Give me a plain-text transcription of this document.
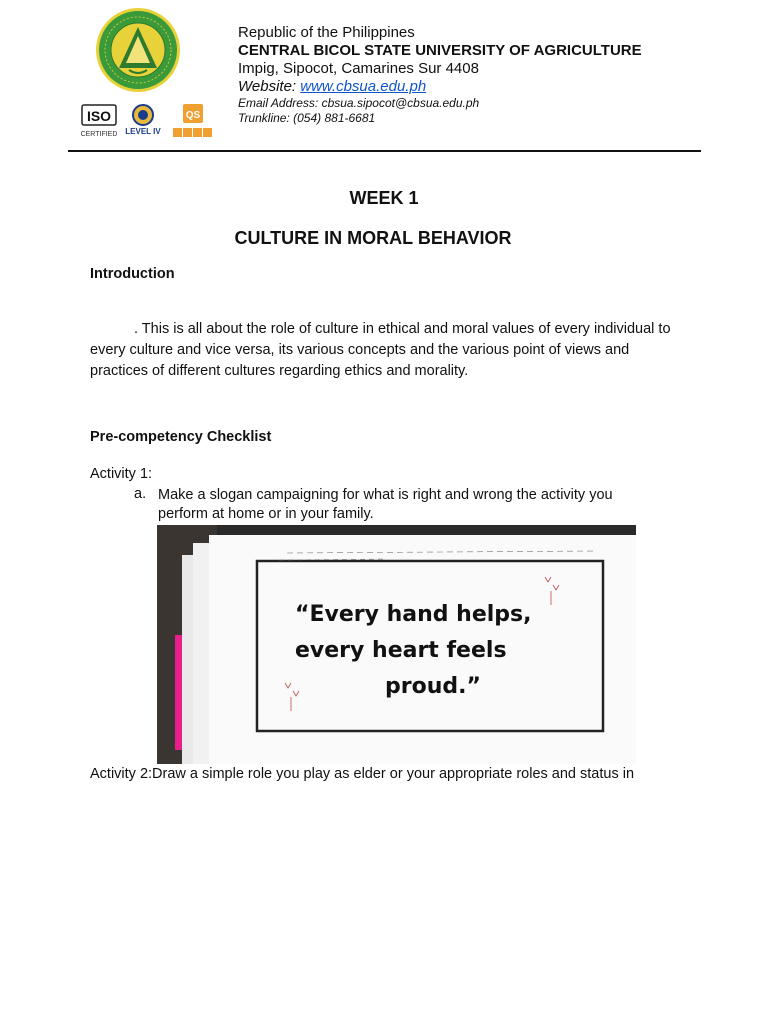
ISO
CERTIFIED LEVEL IV
QS
Republic of the Philippines
CENTRAL BICOL STATE UNIVERSITY OF AGRICULTURE
Impig, Sipocot, Camarines Sur 4408
Website: www.cbsua.edu.ph
Email Address: cbsua.sipocot@cbsua.edu.ph
Trunkline: (054) 881-6681
WEEK 1
CULTURE IN MORAL BEHAVIOR
Introduction
. This is all about the role of culture in ethical and moral values of every individual to every culture and vice versa, its various concepts and the various point of views and practices of different cultures regarding ethics and morality.
Pre-competency Checklist
Activity 1:
a. Make a slogan campaigning for what is right and wrong the activity you perform at home or in your family.
“Every hand helps,
every heart feels
proud.”
Activity 2:Draw a simple role you play as elder or your appropriate roles and status in
